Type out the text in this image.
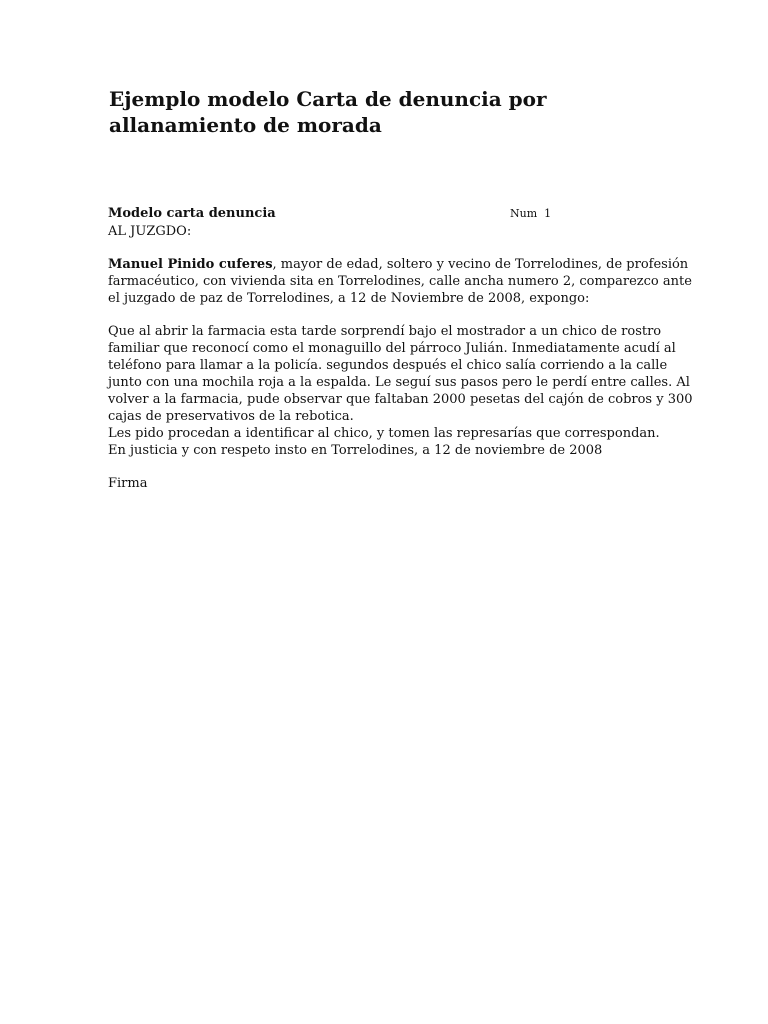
Ejemplo modelo Carta de denuncia por allanamiento de morada
Modelo carta denuncia	Num  1
AL JUZGDO:

Manuel Pinido cuferes, mayor de edad, soltero y vecino de Torrelodines, de profesión
farmacéutico, con vivienda sita en Torrelodines, calle ancha numero 2, comparezco ante
el juzgado de paz de Torrelodines, a 12 de Noviembre de 2008, expongo:

Que al abrir la farmacia esta tarde sorprendí bajo el mostrador a un chico de rostro
familiar que reconocí como el monaguillo del párroco Julián. Inmediatamente acudí al
teléfono para llamar a la policía. segundos después el chico salía corriendo a la calle
junto con una mochila roja a la espalda. Le seguí sus pasos pero le perdí entre calles. Al
volver a la farmacia, pude observar que faltaban 2000 pesetas del cajón de cobros y 300
cajas de preservativos de la rebotica.

Les pido procedan a identificar al chico, y tomen las represarías que correspondan.

En justicia y con respeto insto en Torrelodines, a 12 de noviembre de 2008

Firma
